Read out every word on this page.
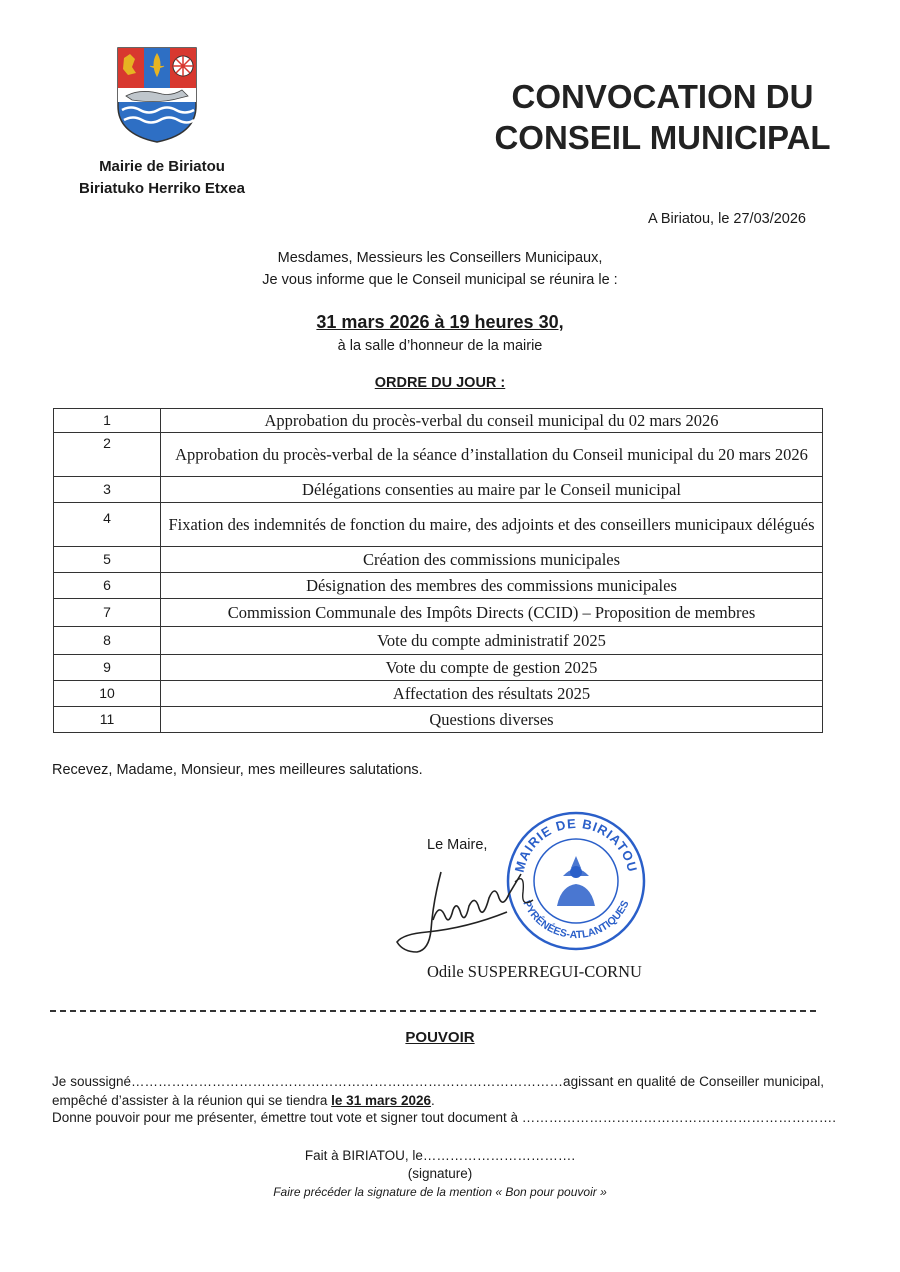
Mairie de Biriatou
Biriatuko Herriko Etxea
CONVOCATION DU
CONSEIL MUNICIPAL
A Biriatou, le 27/03/2026
Mesdames, Messieurs les Conseillers Municipaux,
Je vous informe que le Conseil municipal se réunira le :
31 mars 2026 à 19 heures 30,
à la salle d’honneur de la mairie
ORDRE DU JOUR :
1	Approbation du procès-verbal du conseil municipal du 02 mars 2026
2	Approbation du procès-verbal de la séance d’installation du Conseil municipal du 20 mars 2026
3	Délégations consenties au maire par le Conseil municipal
4	Fixation des indemnités de fonction du maire, des adjoints et des conseillers municipaux délégués
5	Création des commissions municipales
6	Désignation des membres des commissions municipales
7	Commission Communale des Impôts Directs (CCID) – Proposition de membres
8	Vote du compte administratif 2025
9	Vote du compte de gestion 2025
10	Affectation des résultats 2025
11	Questions diverses
Recevez, Madame, Monsieur, mes meilleures salutations.
Le Maire,
MAIRIE DE BIRIATOU
PYRÉNÉES-ATLANTIQUES
Odile SUSPERREGUI-CORNU
POUVOIR
Je soussigné……………………………………………………………………………………agissant en qualité de Conseiller municipal, empêché d’assister à la réunion qui se tiendra le 31 mars 2026.
Donne pouvoir pour me présenter, émettre tout vote et signer tout document à …………………………………………………………….
Fait à BIRIATOU, le…………………………….
(signature)
Faire précéder la signature de la mention « Bon pour pouvoir »
